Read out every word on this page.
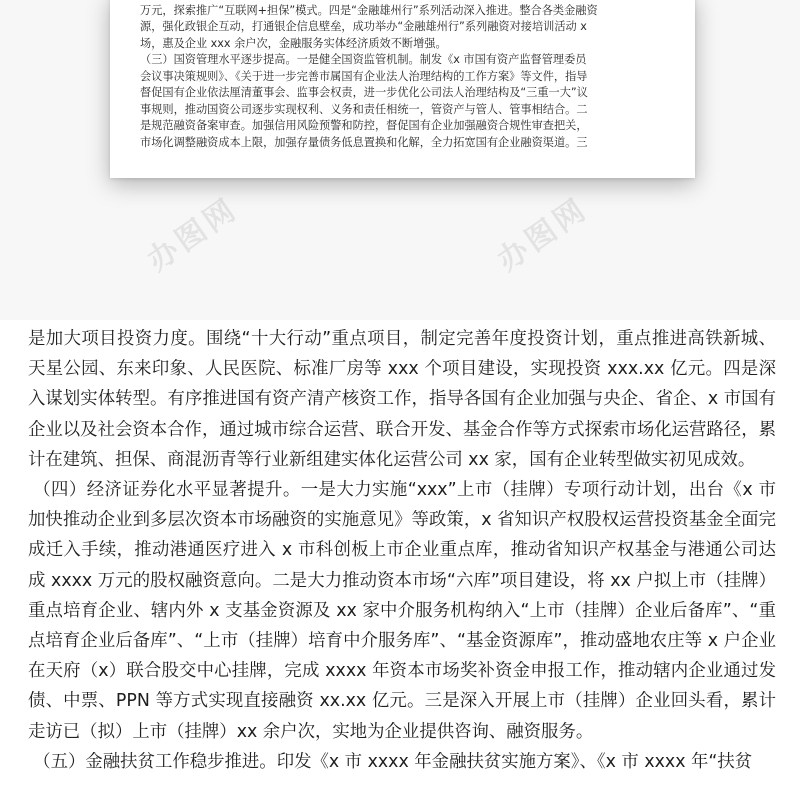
办图网	办图网

万元，探索推广“互联网+担保”模式。四是“金融雄州行”系列活动深入推进。整合各类金融资

源，强化政银企互动，打通银企信息壁垒，成功举办“金融雄州行”系列融资对接培训活动 x

场，惠及企业 xxx 余户次，金融服务实体经济质效不断增强。

（三）国资管理水平逐步提高。一是健全国资监管机制。制发《x 市国有资产监督管理委员

会议事决策规则》、《关于进一步完善市属国有企业法人治理结构的工作方案》等文件，指导

督促国有企业依法厘清董事会、监事会权责，进一步优化公司法人治理结构及“三重一大”议

事规则，推动国资公司逐步实现权利、义务和责任相统一，管资产与管人、管事相结合。二

是规范融资备案审查。加强信用风险预警和防控，督促国有企业加强融资合规性审查把关，

市场化调整融资成本上限，加强存量债务低息置换和化解，全力拓宽国有企业融资渠道。三

是加大项目投资力度。围绕“十大行动”重点项目，制定完善年度投资计划，重点推进高铁新城、天星公园、东来印象、人民医院、标准厂房等 xxx 个项目建设，实现投资 xxx.xx 亿元。四是深入谋划实体转型。有序推进国有资产清产核资工作，指导各国有企业加强与央企、省企、x 市国有企业以及社会资本合作，通过城市综合运营、联合开发、基金合作等方式探索市场化运营路径，累计在建筑、担保、商混沥青等行业新组建实体化运营公司 xx 家，国有企业转型做实初见成效。

（四）经济证券化水平显著提升。一是大力实施“xxx”上市（挂牌）专项行动计划，出台《x 市加快推动企业到多层次资本市场融资的实施意见》等政策，x 省知识产权股权运营投资基金全面完成迁入手续，推动港通医疗进入 x 市科创板上市企业重点库，推动省知识产权基金与港通公司达成 xxxx 万元的股权融资意向。二是大力推动资本市场“六库”项目建设，将 xx 户拟上市（挂牌）重点培育企业、辖内外 x 支基金资源及 xx 家中介服务机构纳入“上市（挂牌）企业后备库”、“重点培育企业后备库”、“上市（挂牌）培育中介服务库”、“基金资源库”，推动盛地农庄等 x 户企业在天府（x）联合股交中心挂牌，完成 xxxx 年资本市场奖补资金申报工作，推动辖内企业通过发债、中票、PPN 等方式实现直接融资 xx.xx 亿元。三是深入开展上市（挂牌）企业回头看，累计走访已（拟）上市（挂牌）xx 余户次，实地为企业提供咨询、融资服务。

（五）金融扶贫工作稳步推进。印发《x 市 xxxx 年金融扶贫实施方案》、《x 市 xxxx 年“扶贫
